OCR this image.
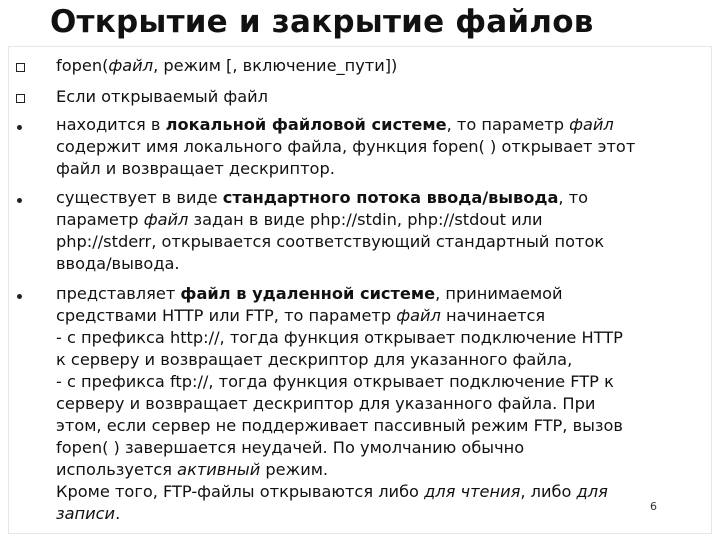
Открытие и закрытие файлов
fopen(файл, режим [, включение_пути])
Если открываемый файл
находится в локальной файловой системе, то параметр файл
содержит имя локального файла, функция fopen( ) открывает этот
файл и возвращает дескриптор.
существует в виде стандартного потока ввода/вывода, то
параметр файл задан в виде php://stdin, php://stdout или
php://stderr, открывается соответствующий стандартный поток
ввода/вывода.
представляет файл в удаленной системе, принимаемой
средствами HTTP или FTP, то параметр файл начинается
- с префикса http://, тогда функция открывает подключение HTTP
к серверу и возвращает дескриптор для указанного файла,
- с префикса ftp://, тогда функция открывает подключение FTP к
серверу и возвращает дескриптор для указанного файла. При
этом, если сервер не поддерживает пассивный режим FTP, вызов
fopen( ) завершается неудачей. По умолчанию обычно
используется активный режим.
Кроме того, FTP-файлы открываются либо для чтения, либо для
записи.	6
